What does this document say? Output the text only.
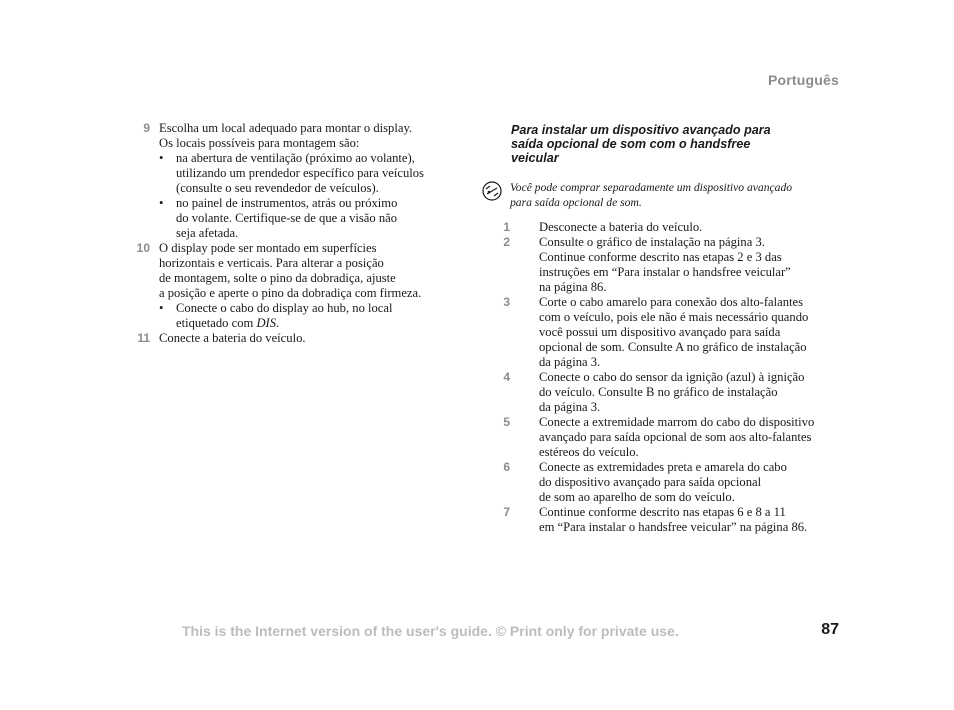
Português
9 Escolha um local adequado para montar o display.
Os locais possíveis para montagem são:
• na abertura de ventilação (próximo ao volante),
utilizando um prendedor específico para veículos
(consulte o seu revendedor de veículos).
• no painel de instrumentos, atrás ou próximo
do volante. Certifique-se de que a visão não
seja afetada.
10 O display pode ser montado em superfícies
horizontais e verticais. Para alterar a posição
de montagem, solte o pino da dobradiça, ajuste
a posição e aperte o pino da dobradiça com firmeza.
• Conecte o cabo do display ao hub, no local
etiquetado com DIS.
11 Conecte a bateria do veículo.
Para instalar um dispositivo avançado para
saída opcional de som com o handsfree
veicular
Você pode comprar separadamente um dispositivo avançado
para saída opcional de som.
1 Desconecte a bateria do veículo.
2 Consulte o gráfico de instalação na página 3.
Continue conforme descrito nas etapas 2 e 3 das
instruções em “Para instalar o handsfree veicular”
na página 86.
3 Corte o cabo amarelo para conexão dos alto-falantes
com o veículo, pois ele não é mais necessário quando
você possui um dispositivo avançado para saída
opcional de som. Consulte A no gráfico de instalação
da página 3.
4 Conecte o cabo do sensor da ignição (azul) à ignição
do veículo. Consulte B no gráfico de instalação
da página 3.
5 Conecte a extremidade marrom do cabo do dispositivo
avançado para saída opcional de som aos alto-falantes
estéreos do veículo.
6 Conecte as extremidades preta e amarela do cabo
do dispositivo avançado para saída opcional
de som ao aparelho de som do veículo.
7 Continue conforme descrito nas etapas 6 e 8 a 11
em “Para instalar o handsfree veicular” na página 86.
This is the Internet version of the user's guide. © Print only for private use.	87
